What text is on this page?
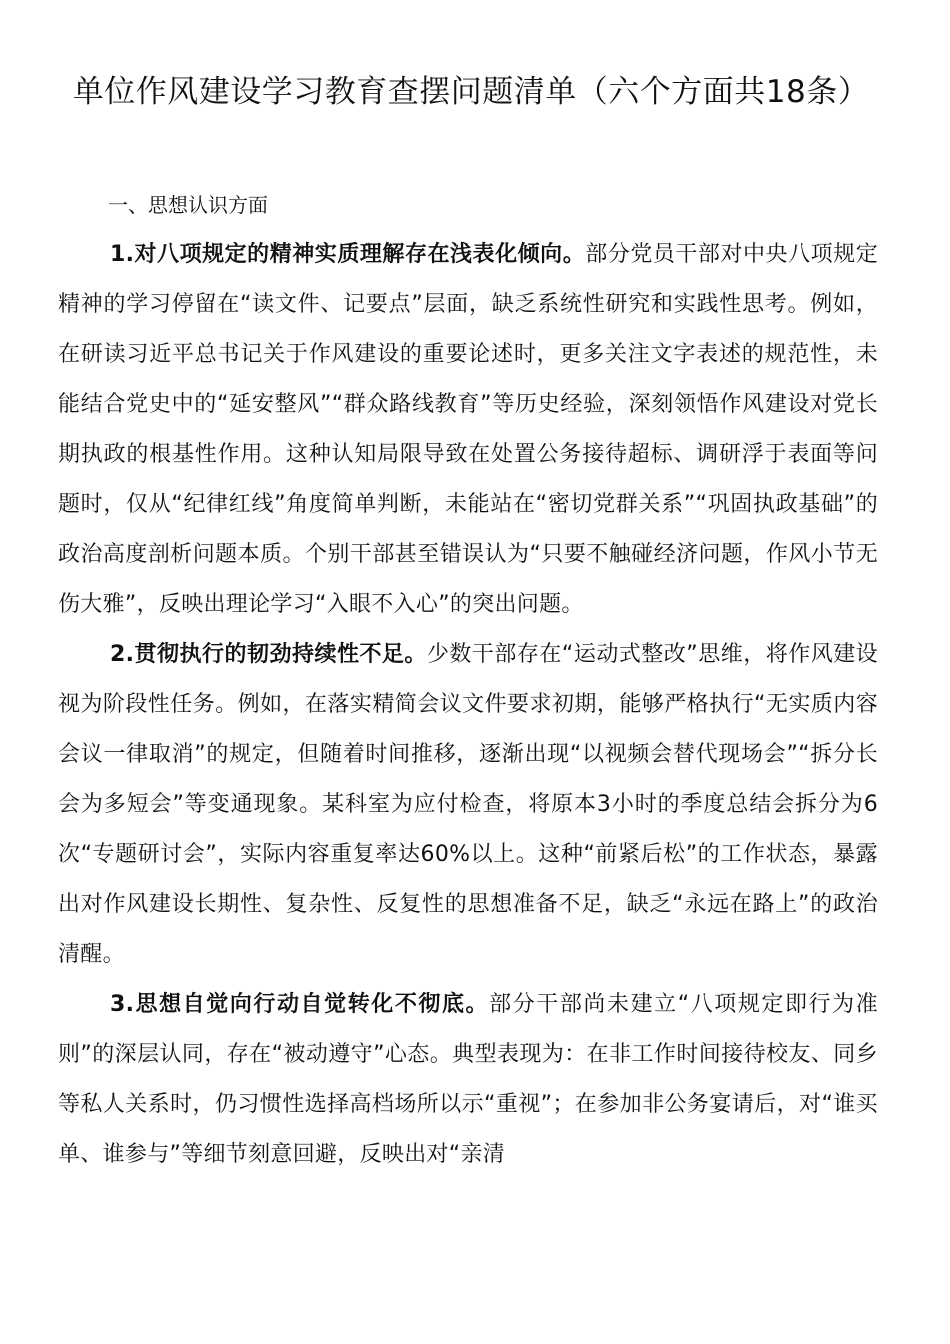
单位作风建设学习教育查摆问题清单（六个方面共18条）
一、思想认识方面

1.对八项规定的精神实质理解存在浅表化倾向。部分党员干部对中央八项规定精神的学习停留在“读文件、记要点”层面，缺乏系统性研究和实践性思考。例如，在研读习近平总书记关于作风建设的重要论述时，更多关注文字表述的规范性，未能结合党史中的“延安整风”“群众路线教育”等历史经验，深刻领悟作风建设对党长期执政的根基性作用。这种认知局限导致在处置公务接待超标、调研浮于表面等问题时，仅从“纪律红线”角度简单判断，未能站在“密切党群关系”“巩固执政基础”的政治高度剖析问题本质。个别干部甚至错误认为“只要不触碰经济问题，作风小节无伤大雅”，反映出理论学习“入眼不入心”的突出问题。

2.贯彻执行的韧劲持续性不足。少数干部存在“运动式整改”思维，将作风建设视为阶段性任务。例如，在落实精简会议文件要求初期，能够严格执行“无实质内容会议一律取消”的规定，但随着时间推移，逐渐出现“以视频会替代现场会”“拆分长会为多短会”等变通现象。某科室为应付检查，将原本3小时的季度总结会拆分为6次“专题研讨会”，实际内容重复率达60%以上。这种“前紧后松”的工作状态，暴露出对作风建设长期性、复杂性、反复性的思想准备不足，缺乏“永远在路上”的政治清醒。

3.思想自觉向行动自觉转化不彻底。部分干部尚未建立“八项规定即行为准则”的深层认同，存在“被动遵守”心态。典型表现为：在非工作时间接待校友、同乡等私人关系时，仍习惯性选择高档场所以示“重视”；在参加非公务宴请后，对“谁买单、谁参与”等细节刻意回避，反映出对“亲清
